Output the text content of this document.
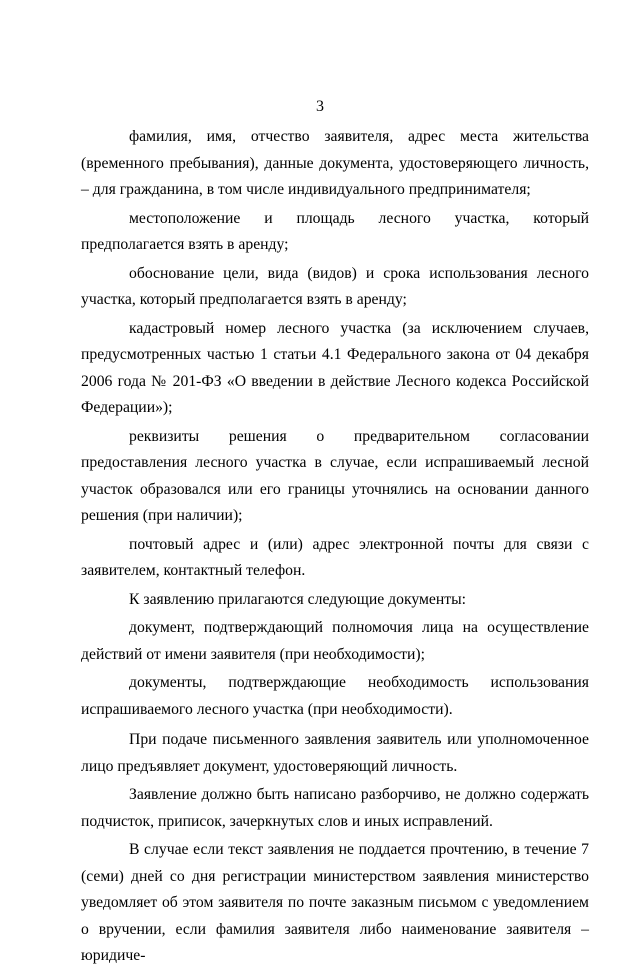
3

фамилия, имя, отчество заявителя, адрес места жительства (временного пребывания), данные документа, удостоверяющего личность, – для гражданина, в том числе индивидуального предпринимателя;

местоположение и площадь лесного участка, который предполагается взять в аренду;

обоснование цели, вида (видов) и срока использования лесного участка, который предполагается взять в аренду;

кадастровый номер лесного участка (за исключением случаев, предусмотренных частью 1 статьи 4.1 Федерального закона от 04 декабря 2006 года № 201-ФЗ «О введении в действие Лесного кодекса Российской Федерации»);

реквизиты решения о предварительном согласовании предоставления лесного участка в случае, если испрашиваемый лесной участок образовался или его границы уточнялись на основании данного решения (при наличии);

почтовый адрес и (или) адрес электронной почты для связи с заявителем, контактный телефон.

К заявлению прилагаются следующие документы:

документ, подтверждающий полномочия лица на осуществление действий от имени заявителя (при необходимости);

документы, подтверждающие необходимость использования испрашиваемого лесного участка (при необходимости).

При подаче письменного заявления заявитель или уполномоченное лицо предъявляет документ, удостоверяющий личность.

Заявление должно быть написано разборчиво, не должно содержать подчисток, приписок, зачеркнутых слов и иных исправлений.

В случае если текст заявления не поддается прочтению, в течение 7 (семи) дней со дня регистрации министерством заявления министерство уведомляет об этом заявителя по почте заказным письмом с уведомлением о вручении, если фамилия заявителя либо наименование заявителя – юридиче-
